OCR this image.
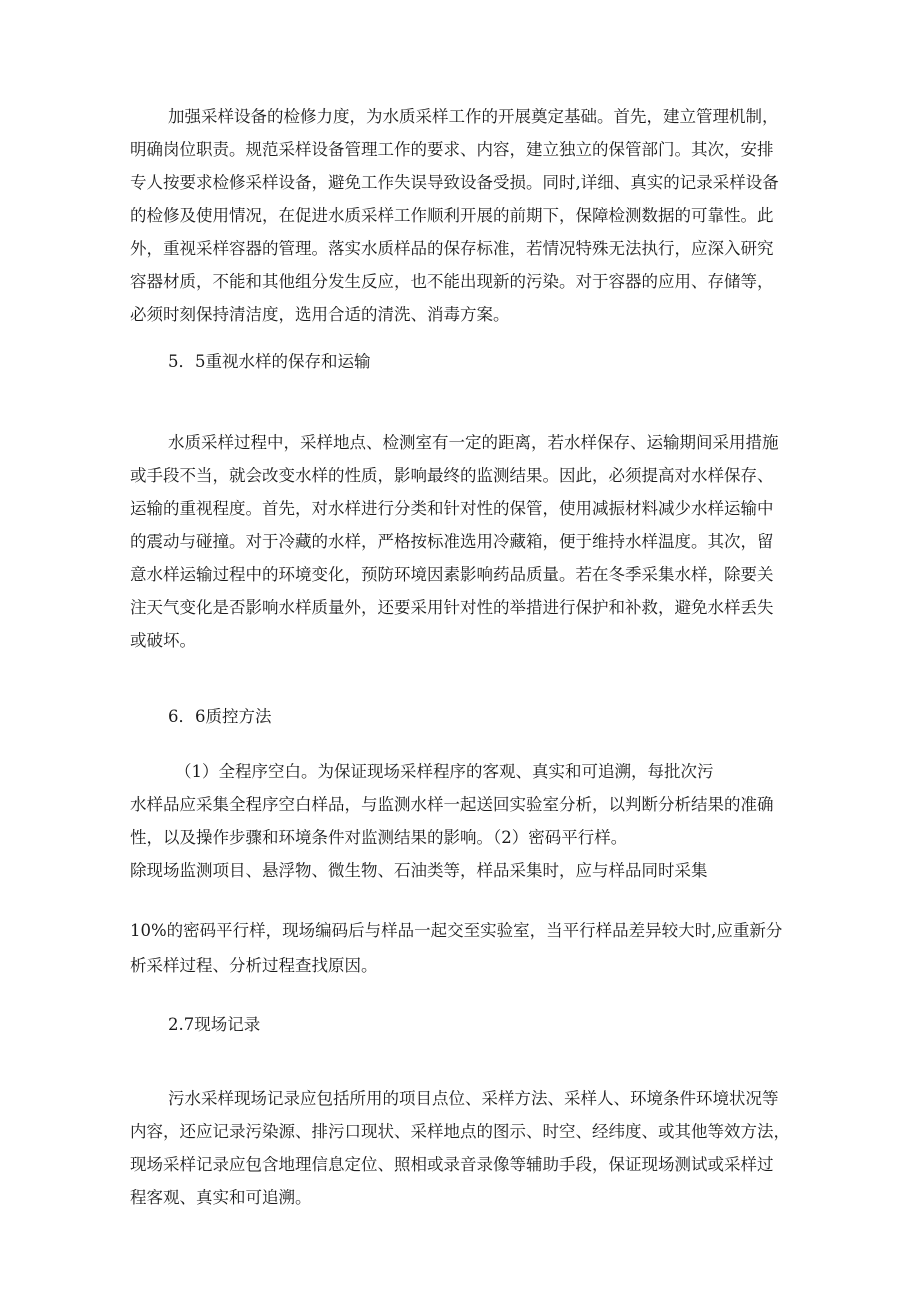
加强采样设备的检修力度，为水质采样工作的开展奠定基础。首先，建立管理机制，
明确岗位职责。规范采样设备管理工作的要求、内容，建立独立的保管部门。其次，安排
专人按要求检修采样设备，避免工作失误导致设备受损。同时,详细、真实的记录采样设备
的检修及使用情况，在促进水质采样工作顺利开展的前期下，保障检测数据的可靠性。此
外，重视采样容器的管理。落实水质样品的保存标准，若情况特殊无法执行，应深入研究
容器材质，不能和其他组分发生反应，也不能出现新的污染。对于容器的应用、存储等，
必须时刻保持清洁度，选用合适的清洗、消毒方案。
5．5重视水样的保存和运输
水质采样过程中，采样地点、检测室有一定的距离，若水样保存、运输期间采用措施
或手段不当，就会改变水样的性质，影响最终的监测结果。因此，必须提高对水样保存、
运输的重视程度。首先，对水样进行分类和针对性的保管，使用减振材料减少水样运输中
的震动与碰撞。对于冷藏的水样，严格按标准选用冷藏箱，便于维持水样温度。其次，留
意水样运输过程中的环境变化，预防环境因素影响药品质量。若在冬季采集水样，除要关
注天气变化是否影响水样质量外，还要采用针对性的举措进行保护和补救，避免水样丢失
或破坏。
6．6质控方法
（1）全程序空白。为保证现场采样程序的客观、真实和可追溯，每批次污
水样品应采集全程序空白样品，与监测水样一起送回实验室分析，以判断分析结果的准确
性，以及操作步骤和环境条件对监测结果的影响。（2）密码平行样。
除现场监测项目、悬浮物、微生物、石油类等，样品采集时，应与样品同时采集
10%的密码平行样，现场编码后与样品一起交至实验室，当平行样品差异较大时,应重新分
析采样过程、分析过程查找原因。
2.7现场记录
污水采样现场记录应包括所用的项目点位、采样方法、采样人、环境条件环境状况等
内容，还应记录污染源、排污口现状、采样地点的图示、时空、经纬度、或其他等效方法，
现场采样记录应包含地理信息定位、照相或录音录像等辅助手段，保证现场测试或采样过
程客观、真实和可追溯。
